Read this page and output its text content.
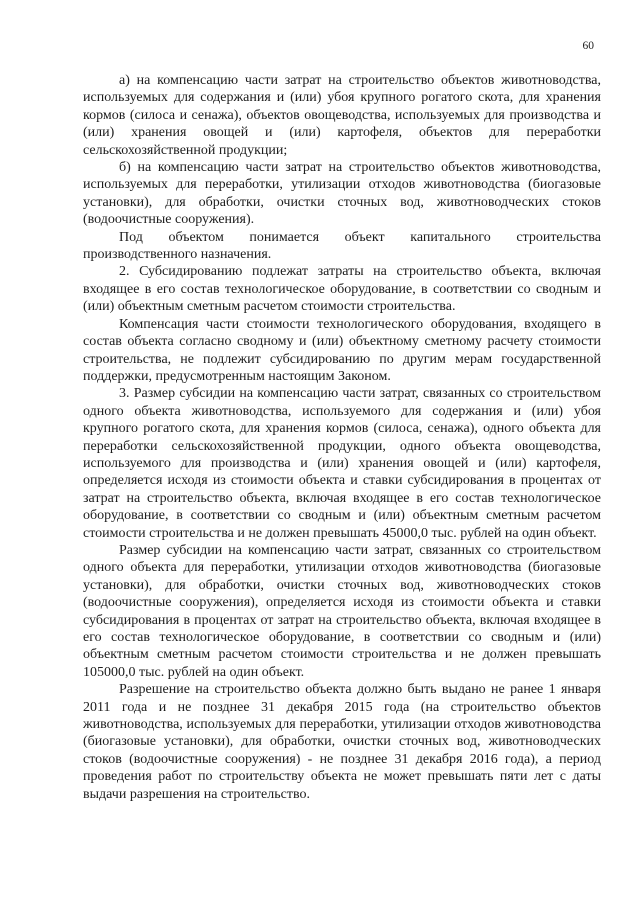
60

а) на компенсацию части затрат на строительство объектов животноводства, используемых для содержания и (или) убоя крупного рогатого скота, для хранения кормов (силоса и сенажа), объектов овощеводства, используемых для производства и (или) хранения овощей и (или) картофеля, объектов для переработки сельскохозяйственной продукции;

б) на компенсацию части затрат на строительство объектов животноводства, используемых для переработки, утилизации отходов животноводства (биогазовые установки), для обработки, очистки сточных вод, животноводческих стоков (водоочистные сооружения).

Под объектом понимается объект капитального строительства производственного назначения.

2. Субсидированию подлежат затраты на строительство объекта, включая входящее в его состав технологическое оборудование, в соответствии со сводным и (или) объектным сметным расчетом стоимости строительства.

Компенсация части стоимости технологического оборудования, входящего в состав объекта согласно сводному и (или) объектному сметному расчету стоимости строительства, не подлежит субсидированию по другим мерам государственной поддержки, предусмотренным настоящим Законом.

3. Размер субсидии на компенсацию части затрат, связанных со строительством одного объекта животноводства, используемого для содержания и (или) убоя крупного рогатого скота, для хранения кормов (силоса, сенажа), одного объекта для переработки сельскохозяйственной продукции, одного объекта овощеводства, используемого для производства и (или) хранения овощей и (или) картофеля, определяется исходя из стоимости объекта и ставки субсидирования в процентах от затрат на строительство объекта, включая входящее в его состав технологическое оборудование, в соответствии со сводным и (или) объектным сметным расчетом стоимости строительства и не должен превышать 45000,0 тыс. рублей на один объект.

Размер субсидии на компенсацию части затрат, связанных со строительством одного объекта для переработки, утилизации отходов животноводства (биогазовые установки), для обработки, очистки сточных вод, животноводческих стоков (водоочистные сооружения), определяется исходя из стоимости объекта и ставки субсидирования в процентах от затрат на строительство объекта, включая входящее в его состав технологическое оборудование, в соответствии со сводным и (или) объектным сметным расчетом стоимости строительства и не должен превышать 105000,0 тыс. рублей на один объект.

Разрешение на строительство объекта должно быть выдано не ранее 1 января 2011 года и не позднее 31 декабря 2015 года (на строительство объектов животноводства, используемых для переработки, утилизации отходов животноводства (биогазовые установки), для обработки, очистки сточных вод, животноводческих стоков (водоочистные сооружения) - не позднее 31 декабря 2016 года), а период проведения работ по строительству объекта не может превышать пяти лет с даты выдачи разрешения на строительство.
